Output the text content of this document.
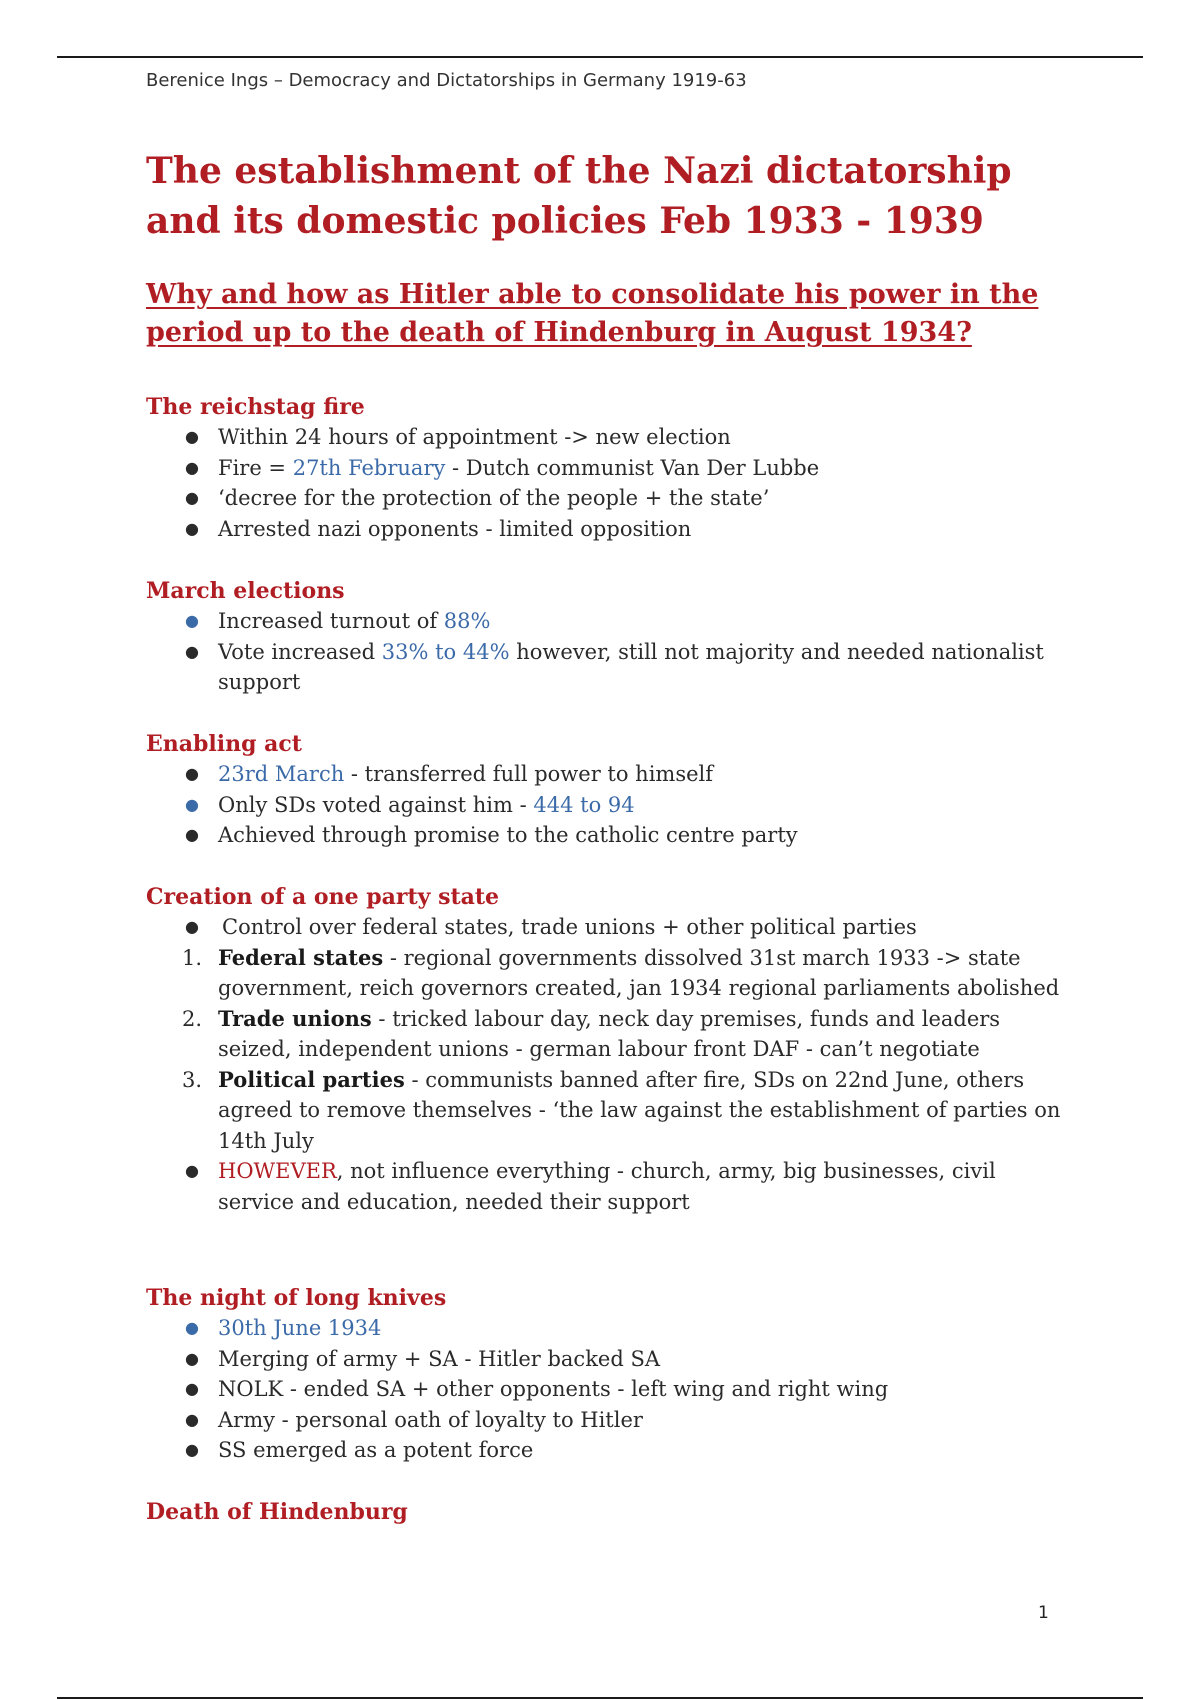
Berenice Ings – Democracy and Dictatorships in Germany 1919-63
The establishment of the Nazi dictatorship and its domestic policies Feb 1933 - 1939
Why and how as Hitler able to consolidate his power in the period up to the death of Hindenburg in August 1934?
The reichstag fire
● Within 24 hours of appointment -> new election
● Fire = 27th February - Dutch communist Van Der Lubbe
● ‘decree for the protection of the people + the state’
● Arrested nazi opponents - limited opposition
March elections
● Increased turnout of 88%
● Vote increased 33% to 44% however, still not majority and needed nationalist support
Enabling act
● 23rd March - transferred full power to himself
● Only SDs voted against him - 444 to 94
● Achieved through promise to the catholic centre party
Creation of a one party state
● Control over federal states, trade unions + other political parties
1. Federal states - regional governments dissolved 31st march 1933 -> state government, reich governors created, jan 1934 regional parliaments abolished
2. Trade unions - tricked labour day, neck day premises, funds and leaders seized, independent unions - german labour front DAF - can’t negotiate
3. Political parties - communists banned after fire, SDs on 22nd June, others agreed to remove themselves - ‘the law against the establishment of parties on 14th July
● HOWEVER, not influence everything - church, army, big businesses, civil service and education, needed their support
The night of long knives
● 30th June 1934
● Merging of army + SA - Hitler backed SA
● NOLK - ended SA + other opponents - left wing and right wing
● Army - personal oath of loyalty to Hitler
● SS emerged as a potent force
Death of Hindenburg
1
